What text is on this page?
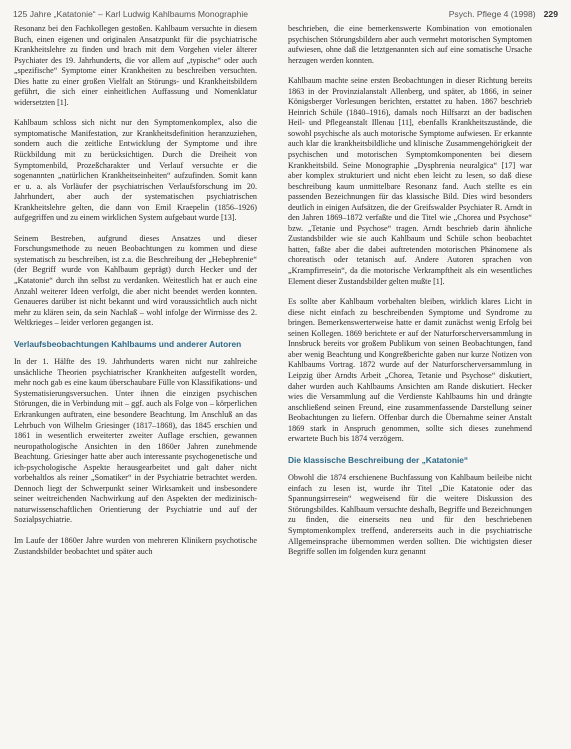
125 Jahre „Katatonie“ – Karl Ludwig Kahlbaums Monographie	Psych. Pflege 4 (1998) 229

Resonanz bei den Fachkollegen gestoßen. Kahlbaum versuchte in diesem Buch, einen eigenen und originalen Ansatzpunkt für die psychiatrische Krankheitslehre zu finden und brach mit dem Vorgehen vieler älterer Psychiater des 19. Jahrhunderts, die vor allem auf „typische“ oder auch „spezifische“ Symptome einer Krankheiten zu beschreiben versuchten. Dies hatte zu einer großen Vielfalt an Störungs- und Krankheitsbildern geführt, die sich einer einheitlichen Auffassung und Nomenklatur widersetzten [1].

Kahlbaum schloss sich nicht nur den Symptomenkomplex, also die symptomatische Manifestation, zur Krankheitsdefinition heranzuziehen, sondern auch die zeitliche Entwicklung der Symptome und ihre Rückbildung mit zu berücksichtigen. Durch die Dreiheit von Symptomenbild, Prozeßcharakter und Verlauf versuchte er die sogenannten „natürlichen Krankheitseinheiten“ aufzufinden. Somit kann er u. a. als Vorläufer der psychiatrischen Verlaufsforschung im 20. Jahrhundert, aber auch der systematischen psychiatrischen Krankheitslehre gelten, die dann von Emil Kraepelin (1856–1926) aufgegriffen und zu einem wirklichen System aufgebaut wurde [13].

Seinem Bestreben, aufgrund dieses Ansatzes und dieser Forschungsmethode zu neuen Beobachtungen zu kommen und diese systematisch zu beschreiben, ist z.a. die Beschreibung der „Hebephrenie“ (der Begriff wurde von Kahlbaum geprägt) durch Hecker und der „Katatonie“ durch ihn selbst zu verdanken. Weitestlich hat er auch eine Anzahl weiterer Ideen verfolgt, die aber nicht beendet werden konnten. Genaueres darüber ist nicht bekannt und wird voraussichtlich auch nicht mehr zu klären sein, da sein Nachlaß – wohl infolge der Wirrnisse des 2. Weltkrieges – leider verloren gegangen ist.

Verlaufsbeobachtungen Kahlbaums und anderer Autoren

In der 1. Hälfte des 19. Jahrhunderts waren nicht nur zahlreiche unsächliche Theorien psychiatrischer Krankheiten aufgestellt worden, mehr noch gab es eine kaum überschaubare Fülle von Klassifikations- und Systematisierungsversuchen. Unter ihnen die einzigen psychischen Störungen, die in Verbindung mit – ggf. auch als Folge von – körperlichen Erkrankungen auftraten, eine besondere Beachtung. Im Anschluß an das Lehrbuch von Wilhelm Griesinger (1817–1868), das 1845 erschien und 1861 in wesentlich erweiterter zweiter Auflage erschien, gewannen neuropathologische Ansichten in den 1860er Jahren zunehmende Beachtung. Griesinger hatte aber auch interessante psychogenetische und ich-psychologische Aspekte herausgearbeitet und galt daher nicht vorbehaltlos als reiner „Somatiker“ in der Psychiatrie betrachtet werden. Dennoch liegt der Schwerpunkt seiner Wirksamkeit und insbesondere seiner weitreichenden Nachwirkung auf den Aspekten der medizinisch-naturwissenschaftlichen Orientierung der Psychiatrie und auf der Sozialpsychiatrie.

Im Laufe der 1860er Jahre wurden von mehreren Klinikern psychotische Zustandsbilder beobachtet und später auch

beschrieben, die eine bemerkenswerte Kombination von emotionalen psychischen Störungsbildern aber auch vermehrt motorischen Symptomen aufwiesen, ohne daß die letztgenannten sich auf eine somatische Ursache herzugen werden konnten.

Kahlbaum machte seine ersten Beobachtungen in dieser Richtung bereits 1863 in der Provinzialanstalt Allenberg, und später, ab 1866, in seiner Königsberger Vorlesungen berichten, erstattet zu haben. 1867 beschrieb Heinrich Schüle (1840–1916), damals noch Hilfsarzt an der badischen Heil- und Pflegeanstalt Illenau [11], ebenfalls Krankheitszustände, die sowohl psychische als auch motorische Symptome aufwiesen. Er erkannte auch klar die krankheitsbildliche und klinische Zusammengehörigkeit der psychischen und motorischen Symptomkomponenten bei diesem Krankheitsbild. Seine Monographie „Dysphrenia neuralgica“ [17] war aber komplex strukturiert und nicht eben leicht zu lesen, so daß diese beschreibung kaum unmittelbare Resonanz fand. Auch stellte es ein passenden Bezeichnungen für das klassische Bild. Dies wird besonders deutlich in einigen Aufsätzen, die der Greifswalder Psychiater R. Arndt in den Jahren 1869–1872 verfaßte und die Titel wie „Chorea und Psychose“ bzw. „Tetanie und Psychose“ tragen. Arndt beschrieb darin ähnliche Zustandsbilder wie sie auch Kahlbaum und Schüle schon beobachtet hatten, faßte aber die dabei auftretenden motorischen Phänomene als choreatisch oder tetanisch auf. Andere Autoren sprachen von „Krampfirresein“, da die motorische Verkrampftheit als ein wesentliches Element dieser Zustandsbilder gelten mußte [1].

Es sollte aber Kahlbaum vorbehalten bleiben, wirklich klares Licht in diese nicht einfach zu beschreibenden Symptome und Syndrome zu bringen. Bemerkenswerterweise hatte er damit zunächst wenig Erfolg bei seinen Kollegen. 1869 berichtete er auf der Naturforscherversammlung in Innsbruck bereits vor großem Publikum von seinen Beobachtungen, fand aber wenig Beachtung und Kongreßberichte gaben nur kurze Notizen von Kahlbaums Vortrag. 1872 wurde auf der Naturforscherversammlung in Leipzig über Arndts Arbeit „Chorea, Tetanie und Psychose“ diskutiert, daher wurden auch Kahlbaums Ansichten am Rande diskutiert. Hecker wies die Versammlung auf die Verdienste Kahlbaums hin und drängte anschließend seinen Freund, eine zusammenfassende Darstellung seiner Beobachtungen zu liefern. Offenbar durch die Übernahme seiner Anstalt 1869 stark in Anspruch genommen, sollte sich dieses zunehmend erwartete Buch bis 1874 verzögern.

Die klassische Beschreibung der „Katatonie“

Obwohl die 1874 erschienene Buchfassung von Kahlbaum beileibe nicht einfach zu lesen ist, wurde ihr Titel „Die Katatonie oder das Spannungsirresein“ wegweisend für die weitere Diskussion des Störungsbildes. Kahlbaum versuchte deshalb, Begriffe und Bezeichnungen zu finden, die einerseits neu und für den beschriebenen Symptomenkomplex treffend, andererseits auch in die psychiatrische Allgemeinsprache übernommen werden sollten. Die wichtigsten dieser Begriffe sollen im folgenden kurz genannt
